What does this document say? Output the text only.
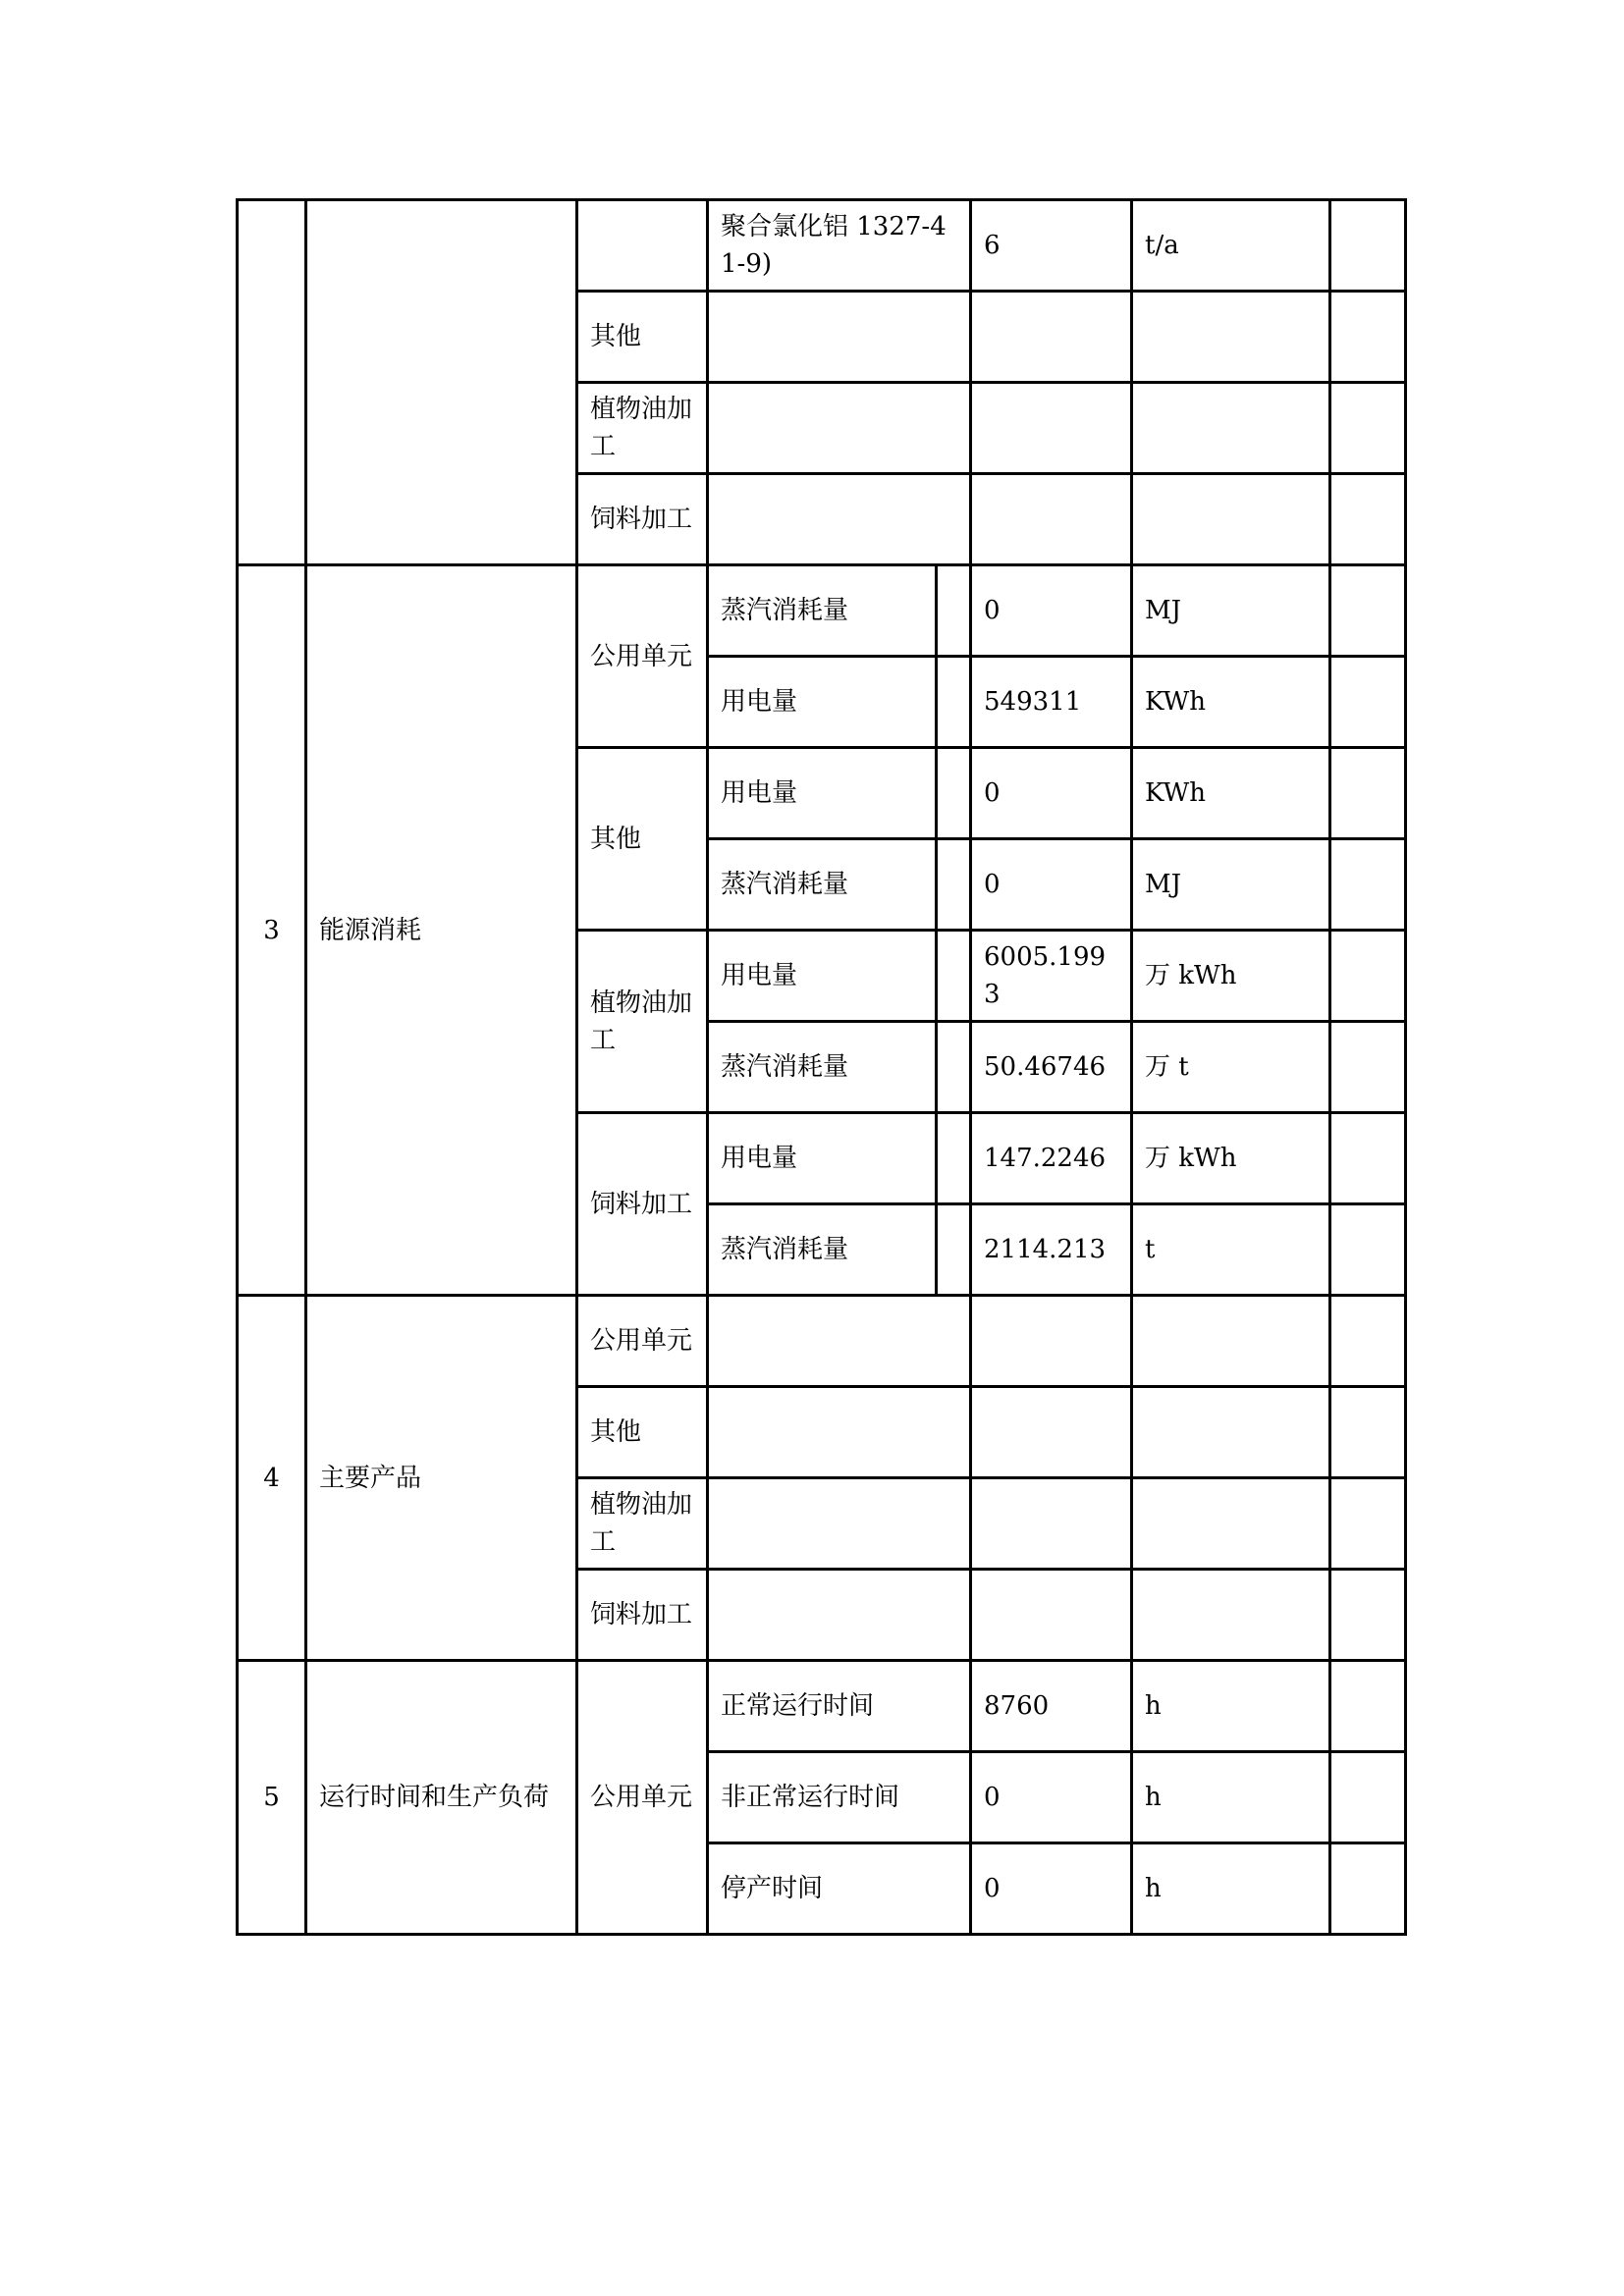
			聚合氯化铝 1327-41-9)		6	t/a	
		其他					
		植物油加工					
		饲料加工					
3	能源消耗	公用单元	蒸汽消耗量		0	MJ	
			用电量		549311	KWh	
		其他	用电量		0	KWh	
			蒸汽消耗量		0	MJ	
		植物油加工	用电量		6005.1993	万 kWh	
			蒸汽消耗量		50.46746	万 t	
		饲料加工	用电量		147.2246	万 kWh	
			蒸汽消耗量		2114.213	t	
4	主要产品	公用单元					
		其他					
		植物油加工					
		饲料加工					
5	运行时间和生产负荷	公用单元	正常运行时间		8760	h	
			非正常运行时间		0	h	
			停产时间		0	h	
